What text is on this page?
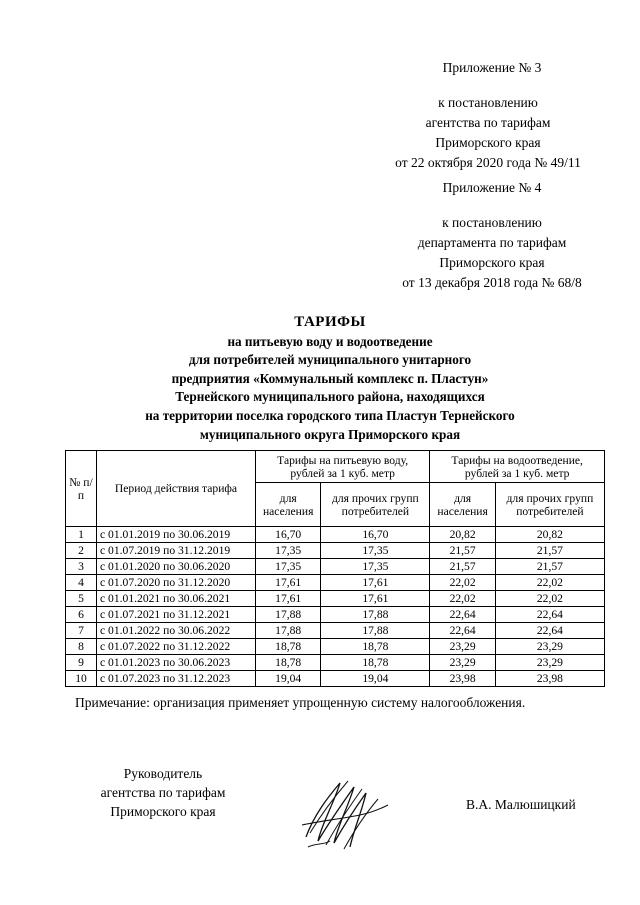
Приложение № 3
к постановлению
агентства по тарифам
Приморского края
от 22 октября 2020 года № 49/11
Приложение № 4
к постановлению
департамента по тарифам
Приморского края
от 13 декабря 2018 года № 68/8
ТАРИФЫ
на питьевую воду и водоотведение
для потребителей муниципального унитарного
предприятия «Коммунальный комплекс п. Пластун»
Тернейского муниципального района, находящихся
на территории поселка городского типа Пластун Тернейского
муниципального округа Приморского края
№ п/п	Период действия тарифа	Тарифы на питьевую воду, рублей за 1 куб. метр		Тарифы на водоотведение, рублей за 1 куб. метр	
		для населения	для прочих групп потребителей	для населения	для прочих групп потребителей
1	с 01.01.2019 по 30.06.2019	16,70	16,70	20,82	20,82
2	с 01.07.2019 по 31.12.2019	17,35	17,35	21,57	21,57
3	с 01.01.2020 по 30.06.2020	17,35	17,35	21,57	21,57
4	с 01.07.2020 по 31.12.2020	17,61	17,61	22,02	22,02
5	с 01.01.2021 по 30.06.2021	17,61	17,61	22,02	22,02
6	с 01.07.2021 по 31.12.2021	17,88	17,88	22,64	22,64
7	с 01.01.2022 по 30.06.2022	17,88	17,88	22,64	22,64
8	с 01.07.2022 по 31.12.2022	18,78	18,78	23,29	23,29
9	с 01.01.2023 по 30.06.2023	18,78	18,78	23,29	23,29
10	с 01.07.2023 по 31.12.2023	19,04	19,04	23,98	23,98
Примечание: организация применяет упрощенную систему налогообложения.
Руководитель
агентства по тарифам
Приморского края	В.А. Малюшицкий
